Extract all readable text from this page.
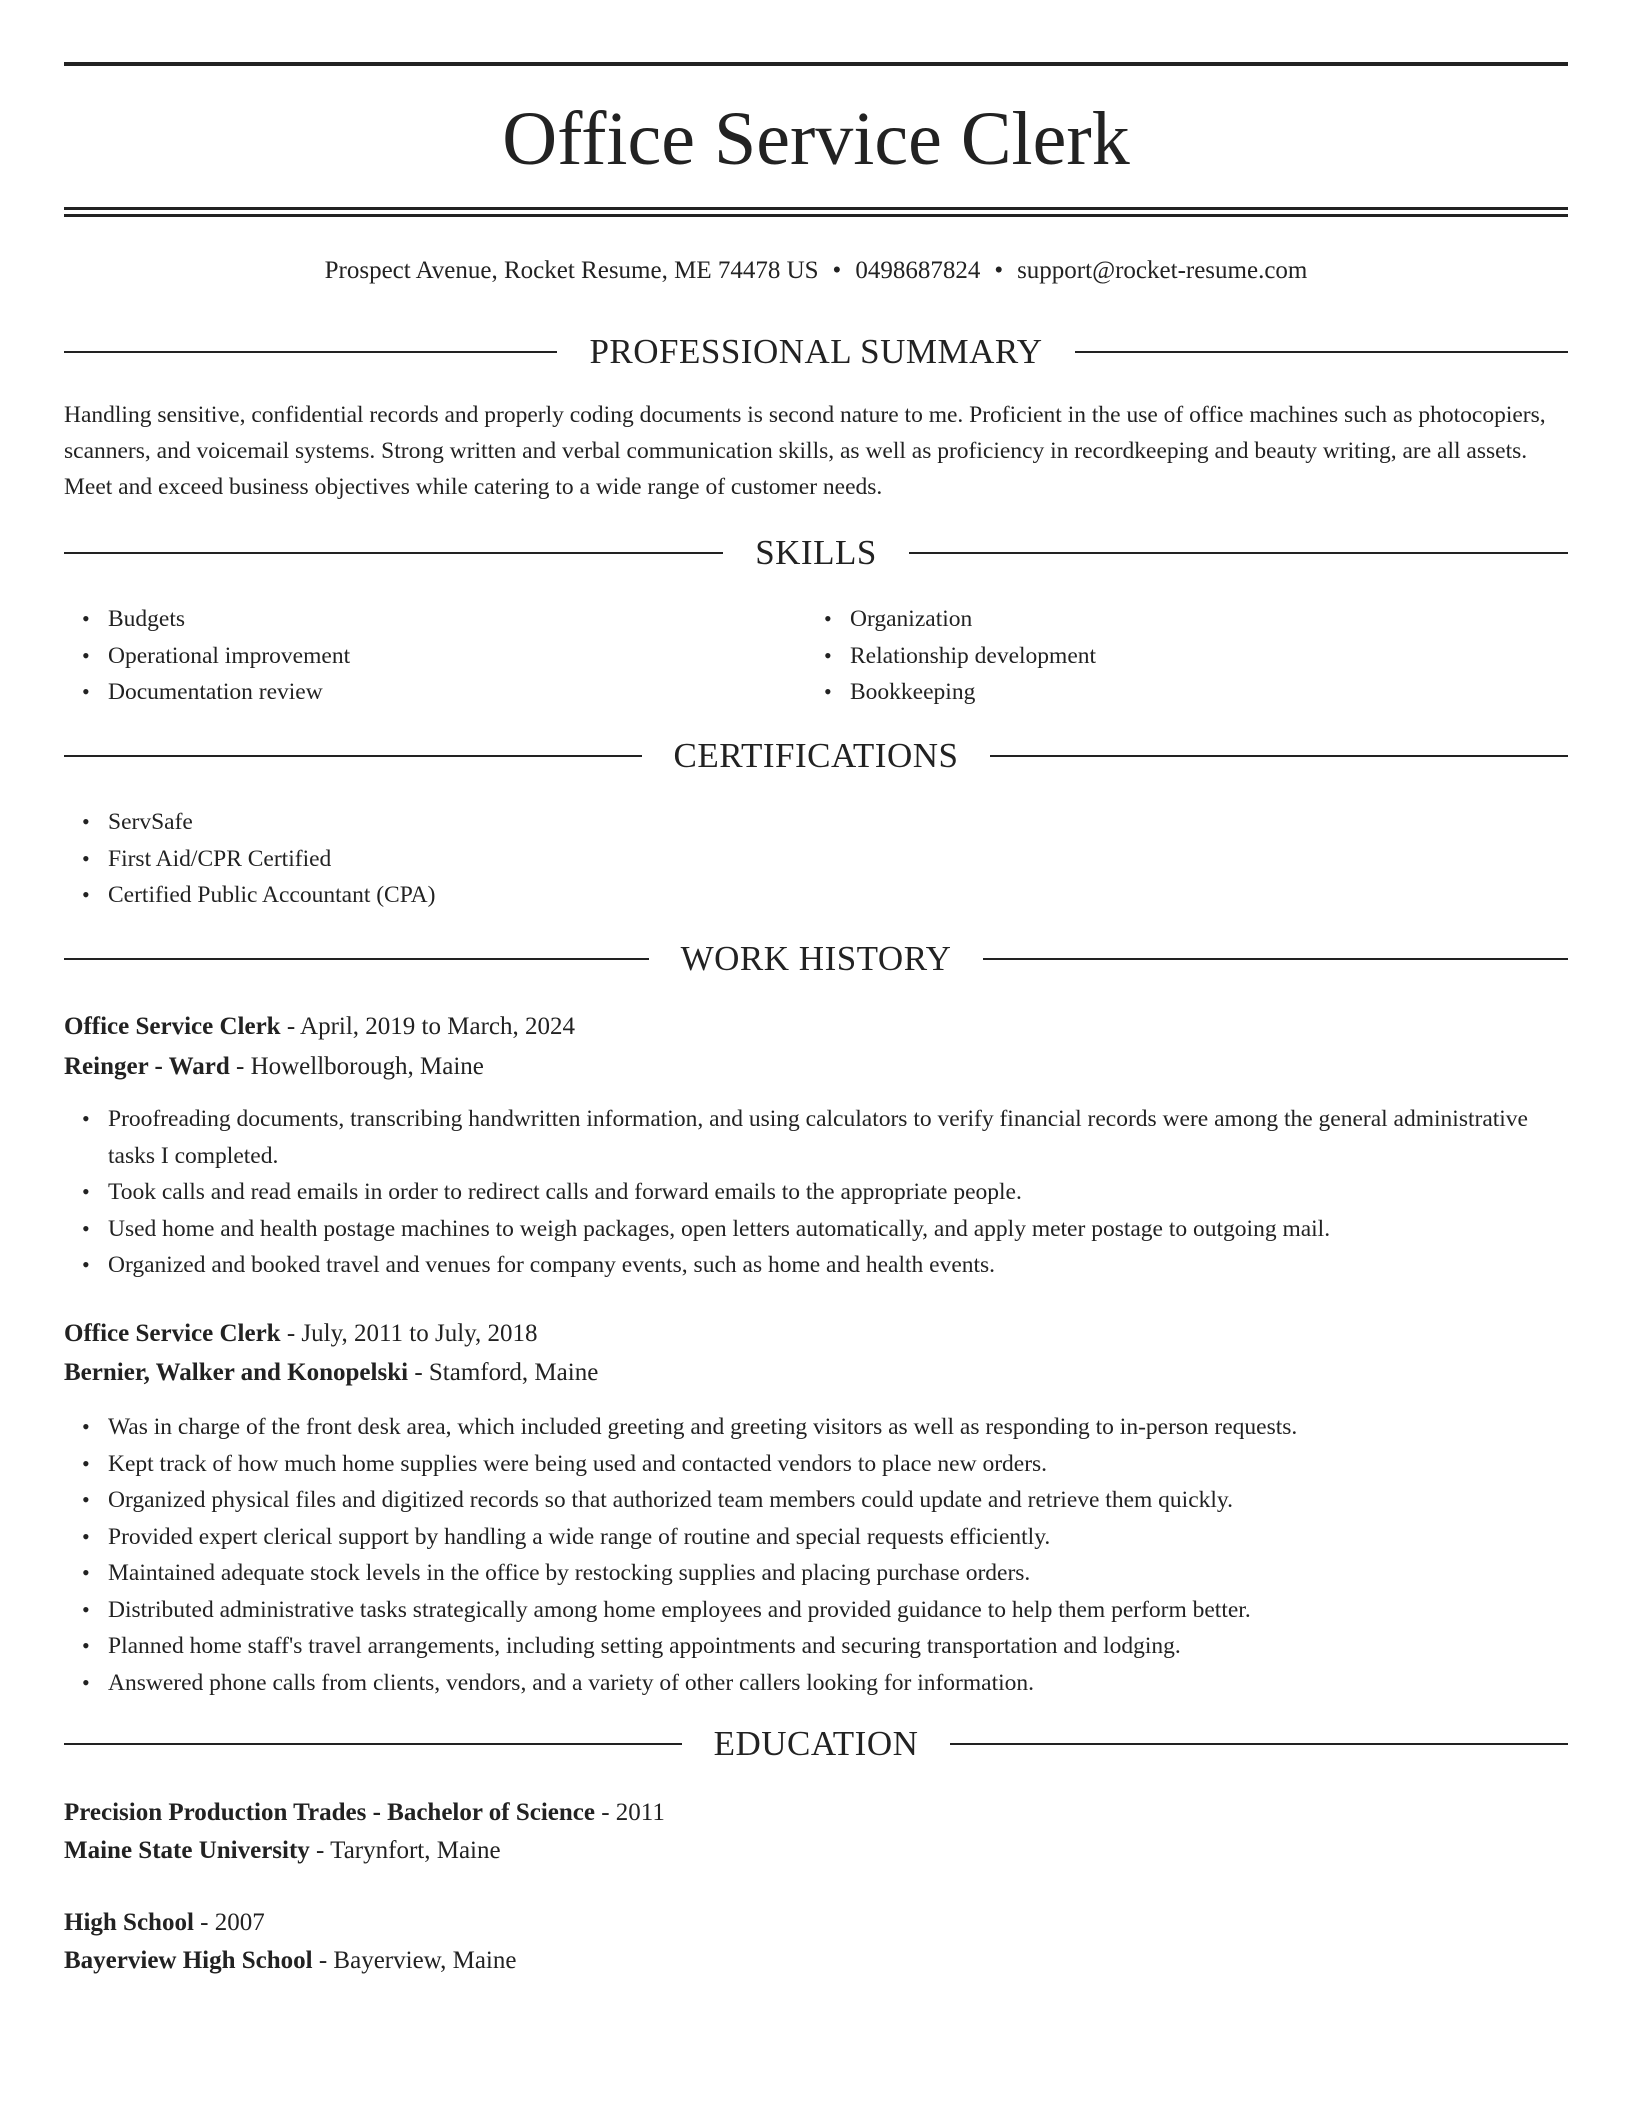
Office Service Clerk
Prospect Avenue, Rocket Resume, ME 74478 US • 0498687824 • support@rocket-resume.com
PROFESSIONAL SUMMARY
Handling sensitive, confidential records and properly coding documents is second nature to me. Proficient in the use of office machines such as photocopiers, scanners, and voicemail systems. Strong written and verbal communication skills, as well as proficiency in recordkeeping and beauty writing, are all assets. Meet and exceed business objectives while catering to a wide range of customer needs.
SKILLS
• Budgets
• Operational improvement
• Documentation review
• Organization
• Relationship development
• Bookkeeping
CERTIFICATIONS
• ServSafe
• First Aid/CPR Certified
• Certified Public Accountant (CPA)
WORK HISTORY
Office Service Clerk - April, 2019 to March, 2024
Reinger - Ward - Howellborough, Maine
• Proofreading documents, transcribing handwritten information, and using calculators to verify financial records were among the general administrative tasks I completed.
• Took calls and read emails in order to redirect calls and forward emails to the appropriate people.
• Used home and health postage machines to weigh packages, open letters automatically, and apply meter postage to outgoing mail.
• Organized and booked travel and venues for company events, such as home and health events.
Office Service Clerk - July, 2011 to July, 2018
Bernier, Walker and Konopelski - Stamford, Maine
• Was in charge of the front desk area, which included greeting and greeting visitors as well as responding to in-person requests.
• Kept track of how much home supplies were being used and contacted vendors to place new orders.
• Organized physical files and digitized records so that authorized team members could update and retrieve them quickly.
• Provided expert clerical support by handling a wide range of routine and special requests efficiently.
• Maintained adequate stock levels in the office by restocking supplies and placing purchase orders.
• Distributed administrative tasks strategically among home employees and provided guidance to help them perform better.
• Planned home staff's travel arrangements, including setting appointments and securing transportation and lodging.
• Answered phone calls from clients, vendors, and a variety of other callers looking for information.
EDUCATION
Precision Production Trades - Bachelor of Science - 2011
Maine State University - Tarynfort, Maine
High School - 2007
Bayerview High School - Bayerview, Maine
